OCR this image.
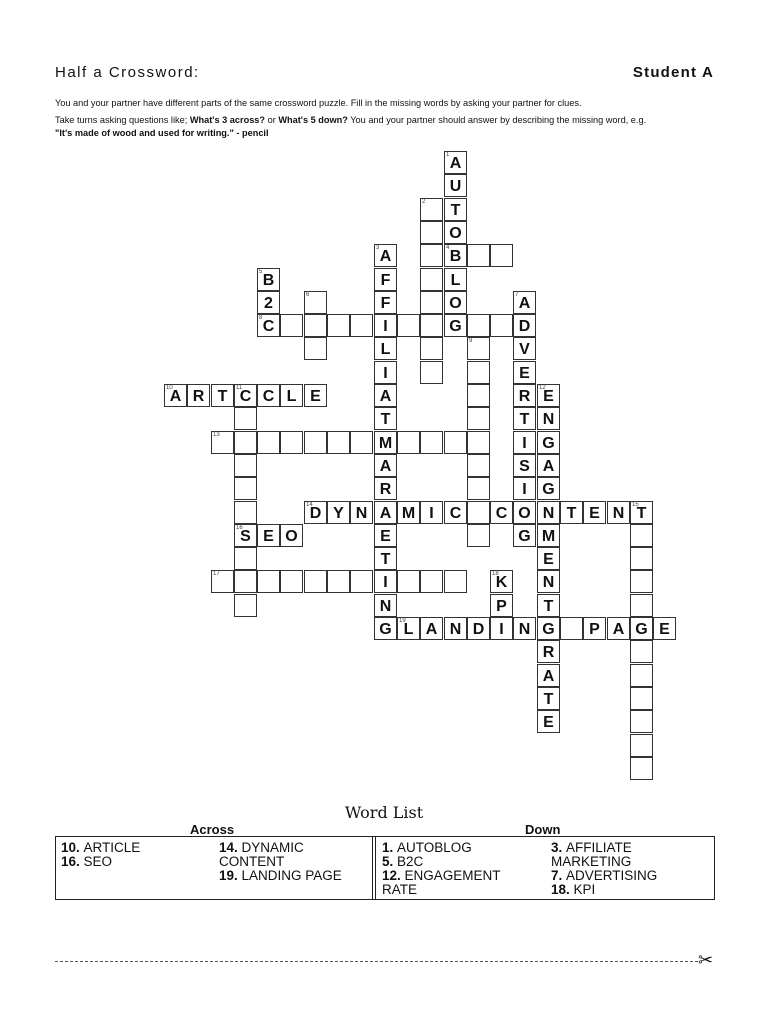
Half a Crossword:	Student A
You and your partner have different parts of the same crossword puzzle. Fill in the missing words by asking your partner for clues.
Take turns asking questions like; What's 3 across? or What's 5 down? You and your partner should answer by describing the missing word, e.g.
"It's made of wood and used for writing." - pencil
1 A
U
T
O
4 B
L
O
G
2
3 A
F
F
I
L
I
A
T
M
A
R
A
E
T
I
N
G
5 B
2
8 C
6	7 A
D
V
E
R
T
I
S
I
O
G
9
10
A R T	11
C C L E
16
S
12
E
N
G
A
G
N
M
E
N
T
G
R
A
T
E
13
14
D Y N M I	C C	T E N	15
T
G
E O
17	18
K
P
I
19
L A N D N	P A	E
Word List
Across	Down
10. ARTICLE
16. SEO
14. DYNAMIC
CONTENT
19. LANDING PAGE
1. AUTOBLOG
5. B2C
12. ENGAGEMENT
RATE
3. AFFILIATE
MARKETING
7. ADVERTISING
18. KPI
✂
